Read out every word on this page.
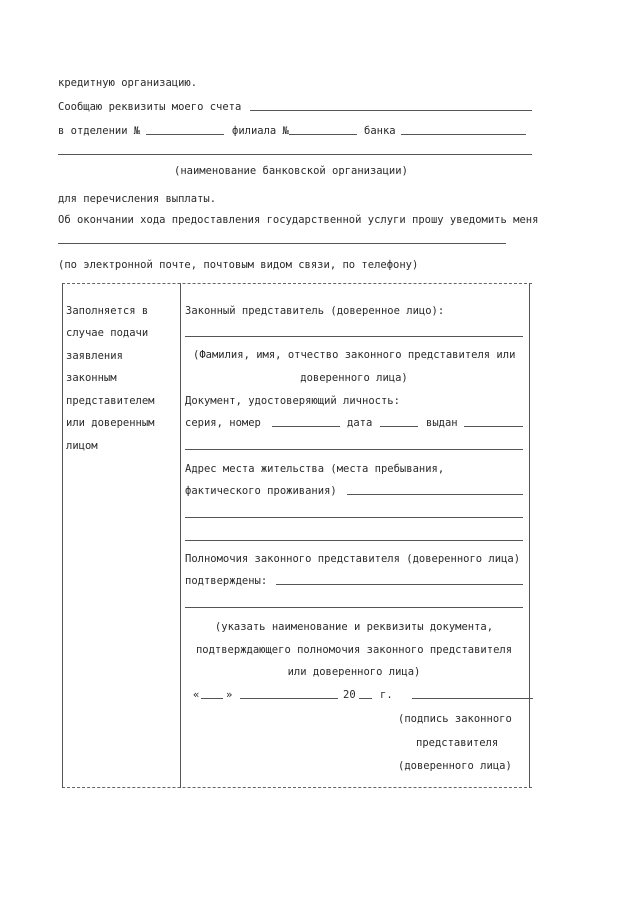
кредитную организацию.
Сообщаю реквизиты моего счета
в отделении №	филиала №	банка
(наименование банковской организации)
для перечисления выплаты.
Об окончании хода предоставления государственной услуги прошу уведомить меня
(по электронной почте, почтовым видом связи, по телефону)
Заполняется в
случае подачи
заявления
законным
представителем
или доверенным
лицом
Законный представитель (доверенное лицо):
(Фамилия, имя, отчество законного представителя или
доверенного лица)
Документ, удостоверяющий личность:
серия, номер	дата	выдан
Адрес места жительства (места пребывания,
фактического проживания)
Полномочия законного представителя (доверенного лица)
подтверждены:
(указать наименование и реквизиты документа,
подтверждающего полномочия законного представителя
или доверенного лица)
«	»	20 г.
(подпись законного
представителя
(доверенного лица)
